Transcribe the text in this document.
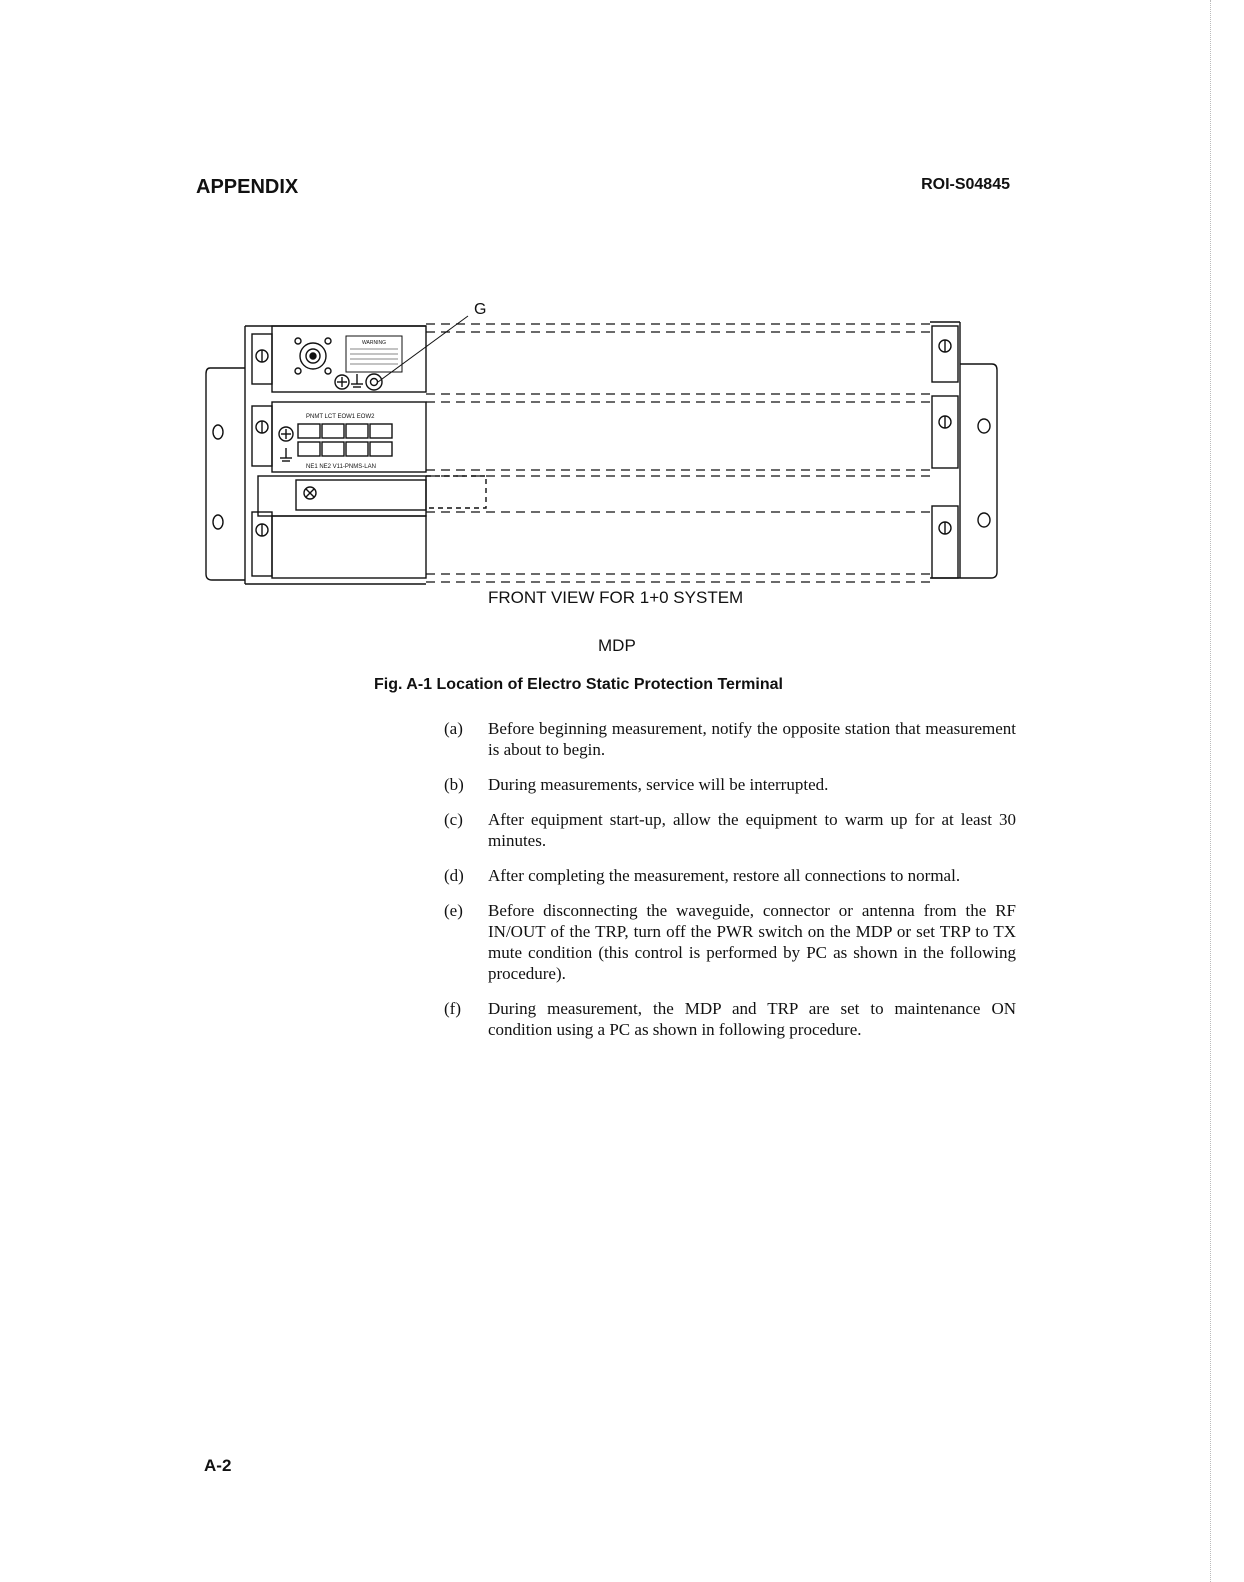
APPENDIX	ROI-S04845
G
WARNING
PNMT LCT EOW1 EOW2
NE1 NE2 V11-PNMS-LAN
FRONT VIEW FOR 1+0 SYSTEM
MDP
Fig. A-1 Location of Electro Static Protection Terminal
(a)	Before beginning measurement, notify the opposite station that measurement is about to begin.
(b)	During measurements, service will be interrupted.
(c)	After equipment start-up, allow the equipment to warm up for at least 30 minutes.
(d)	After completing the measurement, restore all connections to normal.
(e)	Before disconnecting the waveguide, connector or antenna from the RF IN/OUT of the TRP, turn off the PWR switch on the MDP or set TRP to TX mute condition (this control is performed by PC as shown in the following procedure).
(f)	During measurement, the MDP and TRP are set to maintenance ON condition using a PC as shown in following procedure.
A-2
